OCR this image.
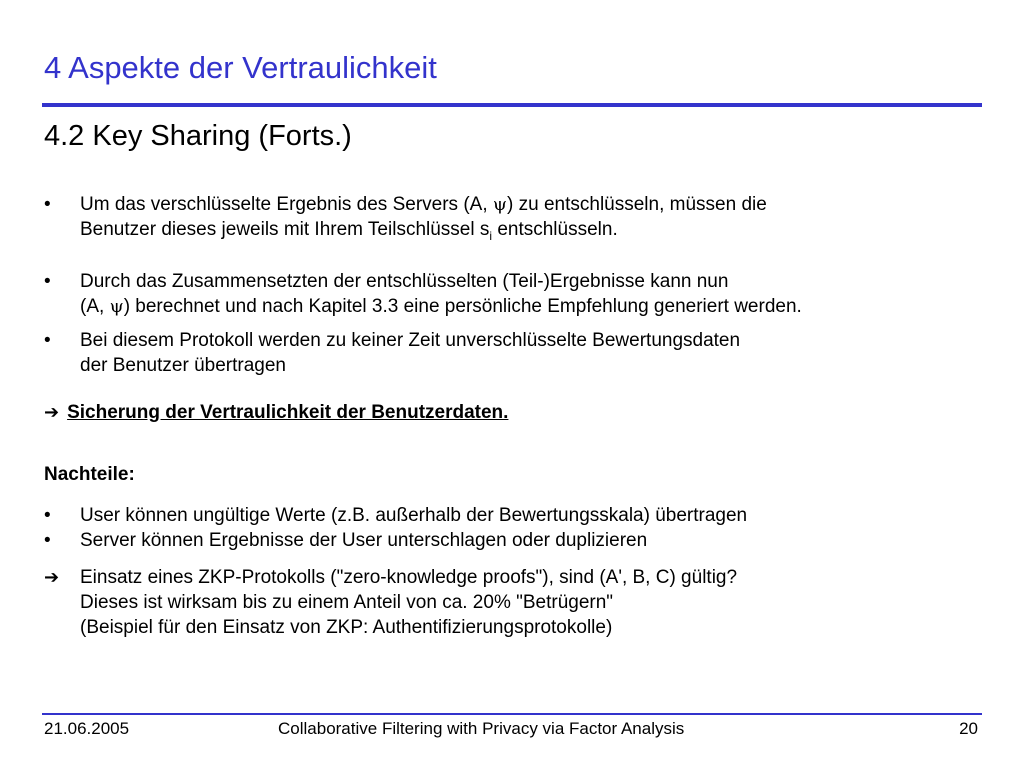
4 Aspekte der Vertraulichkeit
4.2 Key Sharing (Forts.)
• Um das verschlüsselte Ergebnis des Servers (A, ψ) zu entschlüsseln, müssen die
Benutzer dieses jeweils mit Ihrem Teilschlüssel $s_i$ entschlüsseln.
• Durch das Zusammensetzten der entschlüsselten (Teil-)Ergebnisse kann nun
(A, ψ) berechnet und nach Kapitel 3.3 eine persönliche Empfehlung generiert werden.
• Bei diesem Protokoll werden zu keiner Zeit unverschlüsselte Bewertungsdaten
der Benutzer übertragen
➔ Sicherung der Vertraulichkeit der Benutzerdaten.
Nachteile:
• User können ungültige Werte (z.B. außerhalb der Bewertungsskala) übertragen
• Server können Ergebnisse der User unterschlagen oder duplizieren
➔ Einsatz eines ZKP-Protokolls ("zero-knowledge proofs"), sind (A', B, C) gültig?
Dieses ist wirksam bis zu einem Anteil von ca. 20% "Betrügern"
(Beispiel für den Einsatz von ZKP: Authentifizierungsprotokolle)
21.06.2005	Collaborative Filtering with Privacy via Factor Analysis	20
